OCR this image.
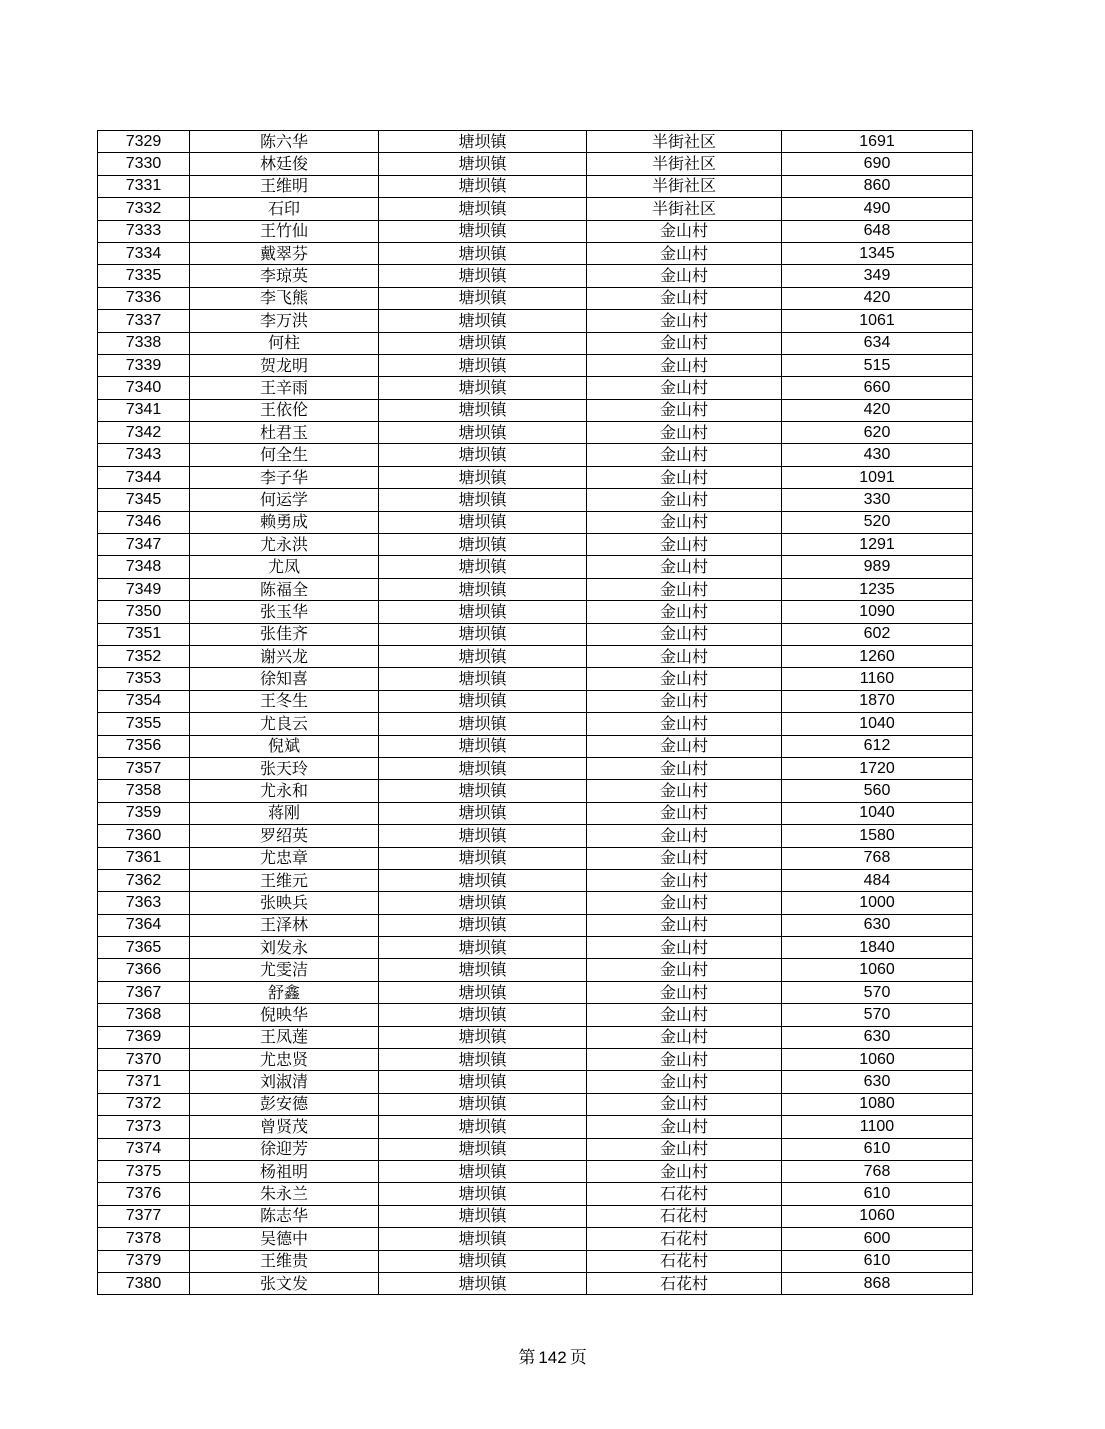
7329	陈六华	塘坝镇	半街社区	1691
7330	林廷俊	塘坝镇	半街社区	690
7331	王维明	塘坝镇	半街社区	860
7332	石印	塘坝镇	半街社区	490
7333	王竹仙	塘坝镇	金山村	648
7334	戴翠芬	塘坝镇	金山村	1345
7335	李琼英	塘坝镇	金山村	349
7336	李飞熊	塘坝镇	金山村	420
7337	李万洪	塘坝镇	金山村	1061
7338	何柱	塘坝镇	金山村	634
7339	贺龙明	塘坝镇	金山村	515
7340	王辛雨	塘坝镇	金山村	660
7341	王依伦	塘坝镇	金山村	420
7342	杜君玉	塘坝镇	金山村	620
7343	何全生	塘坝镇	金山村	430
7344	李子华	塘坝镇	金山村	1091
7345	何运学	塘坝镇	金山村	330
7346	赖勇成	塘坝镇	金山村	520
7347	尤永洪	塘坝镇	金山村	1291
7348	尤凤	塘坝镇	金山村	989
7349	陈福全	塘坝镇	金山村	1235
7350	张玉华	塘坝镇	金山村	1090
7351	张佳齐	塘坝镇	金山村	602
7352	谢兴龙	塘坝镇	金山村	1260
7353	徐知喜	塘坝镇	金山村	1160
7354	王冬生	塘坝镇	金山村	1870
7355	尤良云	塘坝镇	金山村	1040
7356	倪斌	塘坝镇	金山村	612
7357	张天玲	塘坝镇	金山村	1720
7358	尤永和	塘坝镇	金山村	560
7359	蒋刚	塘坝镇	金山村	1040
7360	罗绍英	塘坝镇	金山村	1580
7361	尤忠章	塘坝镇	金山村	768
7362	王维元	塘坝镇	金山村	484
7363	张映兵	塘坝镇	金山村	1000
7364	王泽林	塘坝镇	金山村	630
7365	刘发永	塘坝镇	金山村	1840
7366	尤雯洁	塘坝镇	金山村	1060
7367	舒鑫	塘坝镇	金山村	570
7368	倪映华	塘坝镇	金山村	570
7369	王凤莲	塘坝镇	金山村	630
7370	尤忠贤	塘坝镇	金山村	1060
7371	刘淑清	塘坝镇	金山村	630
7372	彭安德	塘坝镇	金山村	1080
7373	曾贤茂	塘坝镇	金山村	1100
7374	徐迎芳	塘坝镇	金山村	610
7375	杨祖明	塘坝镇	金山村	768
7376	朱永兰	塘坝镇	石花村	610
7377	陈志华	塘坝镇	石花村	1060
7378	吴德中	塘坝镇	石花村	600
7379	王维贵	塘坝镇	石花村	610
7380	张文发	塘坝镇	石花村	868
第 142 页
